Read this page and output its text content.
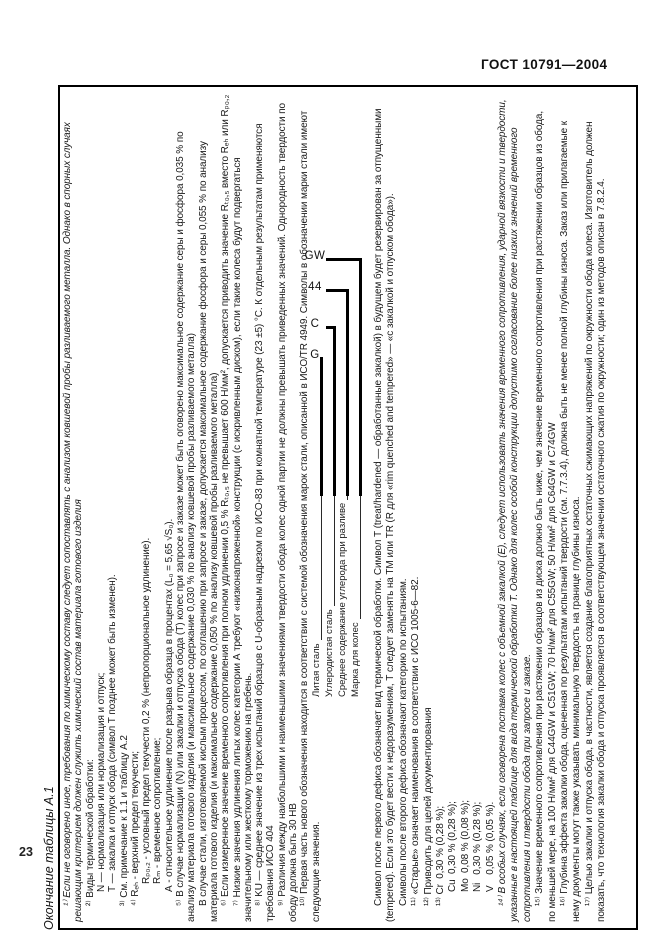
ГОСТ 10791—2004
23 Окончание таблицы А.1 ¹⁾ Если не оговорено иное, требования по химическому составу следует сопоставлять с анализом ковшевой пробы разливаемого металла. Однако в спорных случаях решающим критерием должен служить химический состав материала готового изделия ²⁾ Виды термической обработки: N — нормализация или нормализация и отпуск; Т — закалка и отпуск обода (символ Т позднее может быть изменен). ³⁾ См. примечание к 1.1 и таблицу А.2 ⁴⁾ Rₑₕ - верхний предел текучести; Rₚ₀,₂ - условный предел текучести 0,2 % (непропорциональное удлинение). Rₘ - временное сопротивление; А - относительное удлинение после разрыва образца в процентах (L₀ = 5,65 √S₀). ⁵⁾ В случае нормализации (N) или закалки и отпуска обода (Т) колес при запросе и заказе может быть оговорено максимальное содержание серы и фосфора 0,035 % по анализу материала готового изделия (и максимальное содержание 0,030 % по анализу ковшевой пробы разливаемого металла) В случае стали, изготовляемой кислым процессом, по соглашению при запросе и заказе, допускается максимальное содержание фосфора и серы 0,055 % по анализу материала готового изделия (и максимальное содержание 0,050 % по анализу ковшевой пробы разливаемого металла) ⁶⁾ Если измеренное значение временного сопротивления при полном удлинении 0,5 % Rₜ₀,₅ не превышает 600 Н/мм², допускается приводить значение Rₜ₀,₅ вместо Rₑₕ или Rₚ₀,₂ ⁷⁾ Низкие значения удлинения литых колес категории А требуют «низконапряженной» конструкции (с искривленным диском), если такие колеса будут подвергаться значительному или жесткому торможению на гребень. ⁸⁾ KU — среднее значение из трех испытаний образцов с U-образным надрезом по ИСО-83 при комнатной температуре (23 ±5) °С. К отдельным результатам применяются требования ИСО 404 ⁹⁾ Различия между наибольшими и наименьшими значениями твердости обода колес одной партии не должны превышать приведенных значений. Однородность твердости по ободу должна быть 30 НВ ¹⁰⁾ Первая часть нового обозначения находится в соответствии с системой обозначения марок стали, описанной в ИСО/ТR 4949. Символы в обозначении марки стали имеют следующие значения.	Символ после первого дефиса обозначает вид термической обработки. Символ Т (treat/hardened — обработанные закалкой) в будущем будет резервирован за отпущенными (tempered). Если это будет вести к недоразумениям, Т следует заменять на ТМ или TR (R для «rim quenched and tempered» — «с закалкой и отпуском обода»). Символы после второго дефиса обозначают категорию по испытаниям. ¹¹⁾ «Старые» означает наименования в соответствии с ИСО 1005-6—82. ¹²⁾ Приводить для целей документирования ¹³⁾ Cr  0,30 % (0,28 %); Cu  0,30 % (0,28 %); Mo  0,08 % (0,08 %); Ni   0,30 % (0,28 %); V    0,05 % (0,05 %). ¹⁴⁾ В особых случаях, если оговорена поставка колес с объемной закалкой (Е), следует использовать значения временного сопротивления, ударной вязкости и твердости, указанные в настоящей таблице для вида термической обработки Т. Однако для колес особой конструкции допустимо согласование более низких значений временного сопротивления и твердости обода при запросе и заказе. ¹⁵⁾ Значение временного сопротивления при растяжении образцов из диска должно быть ниже, чем значение временного сопротивления при растяжении образцов из обода, по меньшей мере, на 100 Н/мм² для C44GW и C51GW; 70 Н/мм² для C55GW; 50 Н/мм² для C64GW и C74GW ¹⁶⁾ Глубина эффекта закалки обода, оцененная по результатам испытаний твердости (см. 7.7.3.4), должна быть не менее полной глубины износа. Заказ или прилагаемые к нему документы могут также указывать минимальную твердость на границе глубины износа. ¹⁷⁾ Целью закалки и отпуска обода, в частности, является создание благоприятных остаточных сжимающих напряжений по окружности обода колеса. Изготовитель должен показать, что технология закалки обода и отпуска проявляется в соответствующем значении остаточного сжатия по окружности; один из методов описан в 7.8.2.4.
Литая сталь
G
Углеродистая сталь
C
Среднее содержание углерода при разливе
44
Марка для колес
GW
